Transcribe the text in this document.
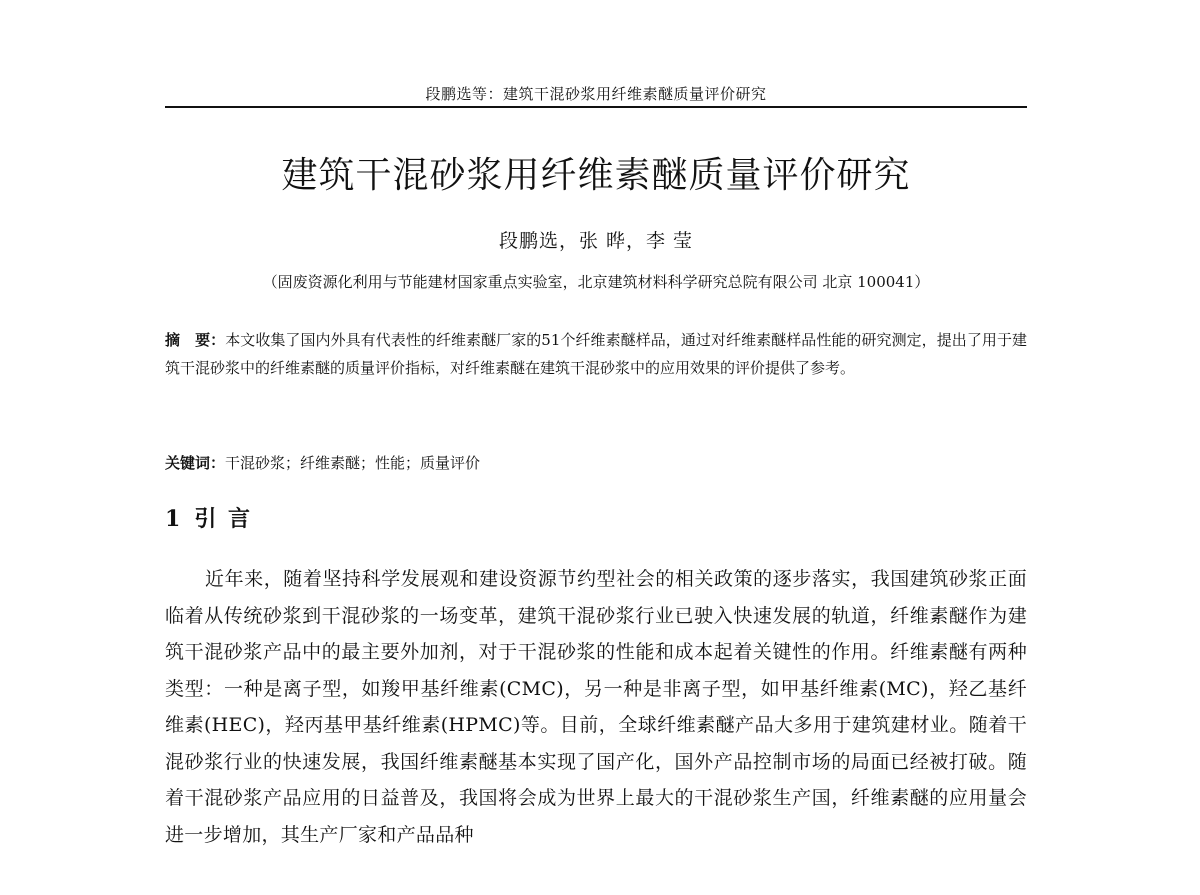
段鹏选等：建筑干混砂浆用纤维素醚质量评价研究
建筑干混砂浆用纤维素醚质量评价研究
段鹏选，张 晔，李 莹
（固废资源化利用与节能建材国家重点实验室，北京建筑材料科学研究总院有限公司 北京 100041）
摘　要：本文收集了国内外具有代表性的纤维素醚厂家的51个纤维素醚样品，通过对纤维素醚样品性能的研究测定，提出了用于建筑干混砂浆中的纤维素醚的质量评价指标，对纤维素醚在建筑干混砂浆中的应用效果的评价提供了参考。
关键词：干混砂浆；纤维素醚；性能；质量评价
1 引 言

近年来，随着坚持科学发展观和建设资源节约型社会的相关政策的逐步落实，我国建筑砂浆正面临着从传统砂浆到干混砂浆的一场变革，建筑干混砂浆行业已驶入快速发展的轨道，纤维素醚作为建筑干混砂浆产品中的最主要外加剂，对于干混砂浆的性能和成本起着关键性的作用。纤维素醚有两种类型：一种是离子型，如羧甲基纤维素(CMC)，另一种是非离子型，如甲基纤维素(MC)，羟乙基纤维素(HEC)，羟丙基甲基纤维素(HPMC)等。目前，全球纤维素醚产品大多用于建筑建材业。随着干混砂浆行业的快速发展，我国纤维素醚基本实现了国产化，国外产品控制市场的局面已经被打破。随着干混砂浆产品应用的日益普及，我国将会成为世界上最大的干混砂浆生产国，纤维素醚的应用量会进一步增加，其生产厂家和产品品种
